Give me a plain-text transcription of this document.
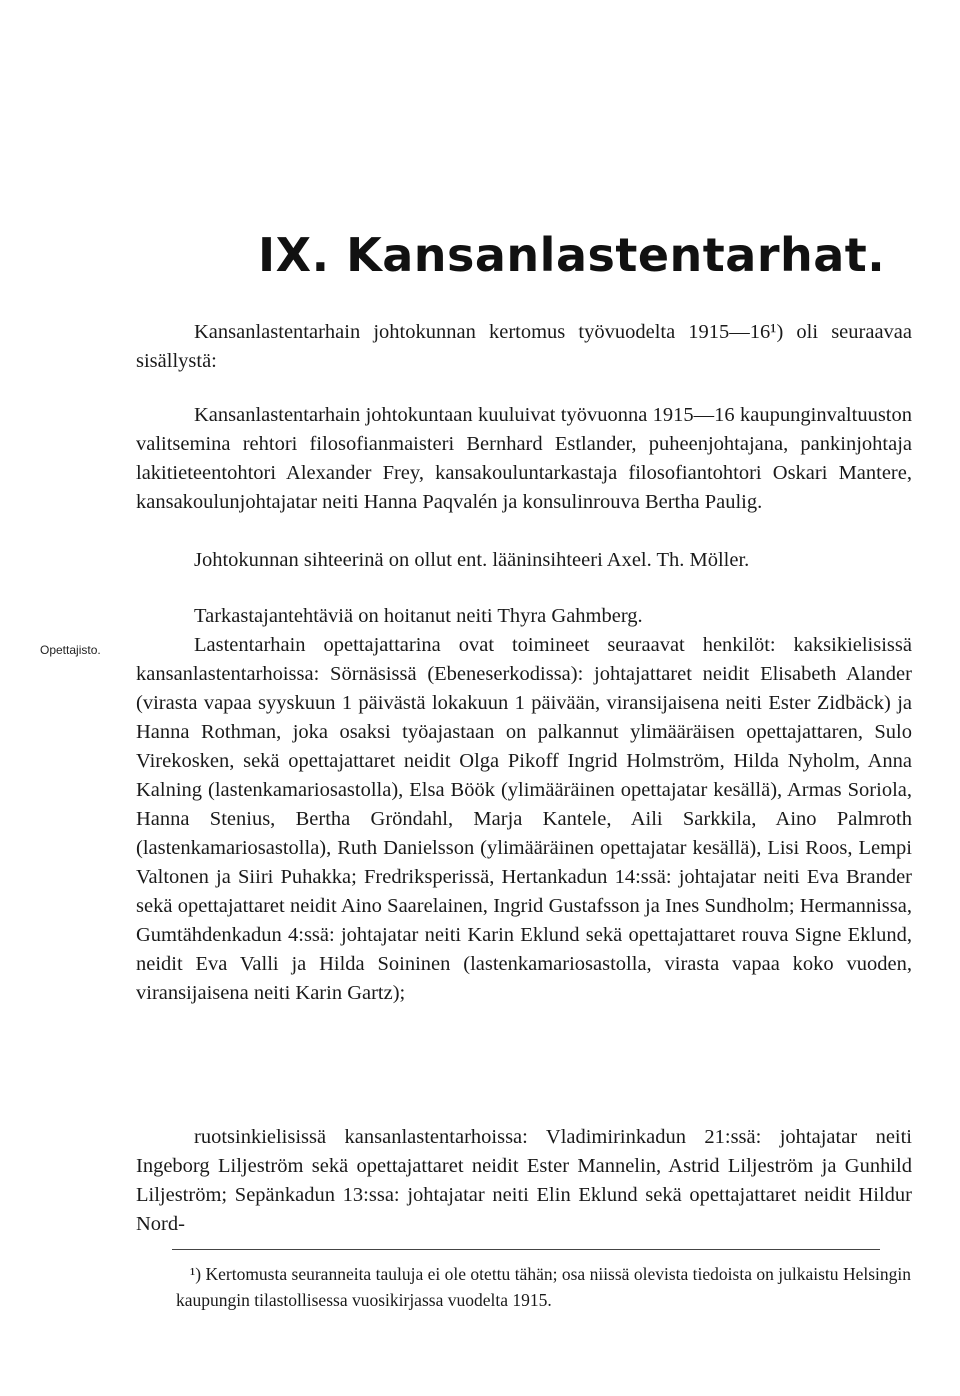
IX. Kansanlastentarhat.

Kansanlastentarhain johtokunnan kertomus työvuodelta 1915—16¹) oli seuraavaa sisällystä:

Kansanlastentarhain johtokuntaan kuuluivat työvuonna 1915—16 kaupunginvaltuuston valitsemina rehtori filosofianmaisteri Bernhard Estlander, puheenjohtajana, pankinjohtaja lakitieteentohtori Alexander Frey, kansakouluntarkastaja filosofiantohtori Oskari Mantere, kansakoulunjohtajatar neiti Hanna Paqvalén ja konsulinrouva Bertha Paulig.

Johtokunnan sihteerinä on ollut ent. lääninsihteeri Axel. Th. Möller.

Tarkastajantehtäviä on hoitanut neiti Thyra Gahmberg.

Opettajisto.	Lastentarhain opettajattarina ovat toimineet seuraavat henkilöt: kaksikielisissä kansanlastentarhoissa: Sörnäsissä (Ebeneserkodissa): johtajattaret neidit Elisabeth Alander (virasta vapaa syyskuun 1 päivästä lokakuun 1 päivään, viransijaisena neiti Ester Zidbäck) ja Hanna Rothman, joka osaksi työajastaan on palkannut ylimääräisen opettajattaren, Sulo Virekosken, sekä opettajattaret neidit Olga Pikoff Ingrid Holmström, Hilda Nyholm, Anna Kalning (lastenkamariosastolla), Elsa Böök (ylimääräinen opettajatar kesällä), Armas Soriola, Hanna Stenius, Bertha Gröndahl, Marja Kantele, Aili Sarkkila, Aino Palmroth (lastenkamariosastolla), Ruth Danielsson (ylimääräinen opettajatar kesällä), Lisi Roos, Lempi Valtonen ja Siiri Puhakka; Fredriksperissä, Hertankadun 14:ssä: johtajatar neiti Eva Brander sekä opettajattaret neidit Aino Saarelainen, Ingrid Gustafsson ja Ines Sundholm; Hermannissa, Gumtähdenkadun 4:ssä: johtajatar neiti Karin Eklund sekä opettajattaret rouva Signe Eklund, neidit Eva Valli ja Hilda Soininen (lastenkamariosastolla, virasta vapaa koko vuoden, viransijaisena neiti Karin Gartz);

ruotsinkielisissä kansanlastentarhoissa: Vladimirinkadun 21:ssä: johtajatar neiti Ingeborg Liljeström sekä opettajattaret neidit Ester Mannelin, Astrid Liljeström ja Gunhild Liljeström; Sepänkadun 13:ssa: johtajatar neiti Elin Eklund sekä opettajattaret neidit Hildur Nord-

¹) Kertomusta seuranneita tauluja ei ole otettu tähän; osa niissä olevista tiedoista on julkaistu Helsingin kaupungin tilastollisessa vuosikirjassa vuodelta 1915.
